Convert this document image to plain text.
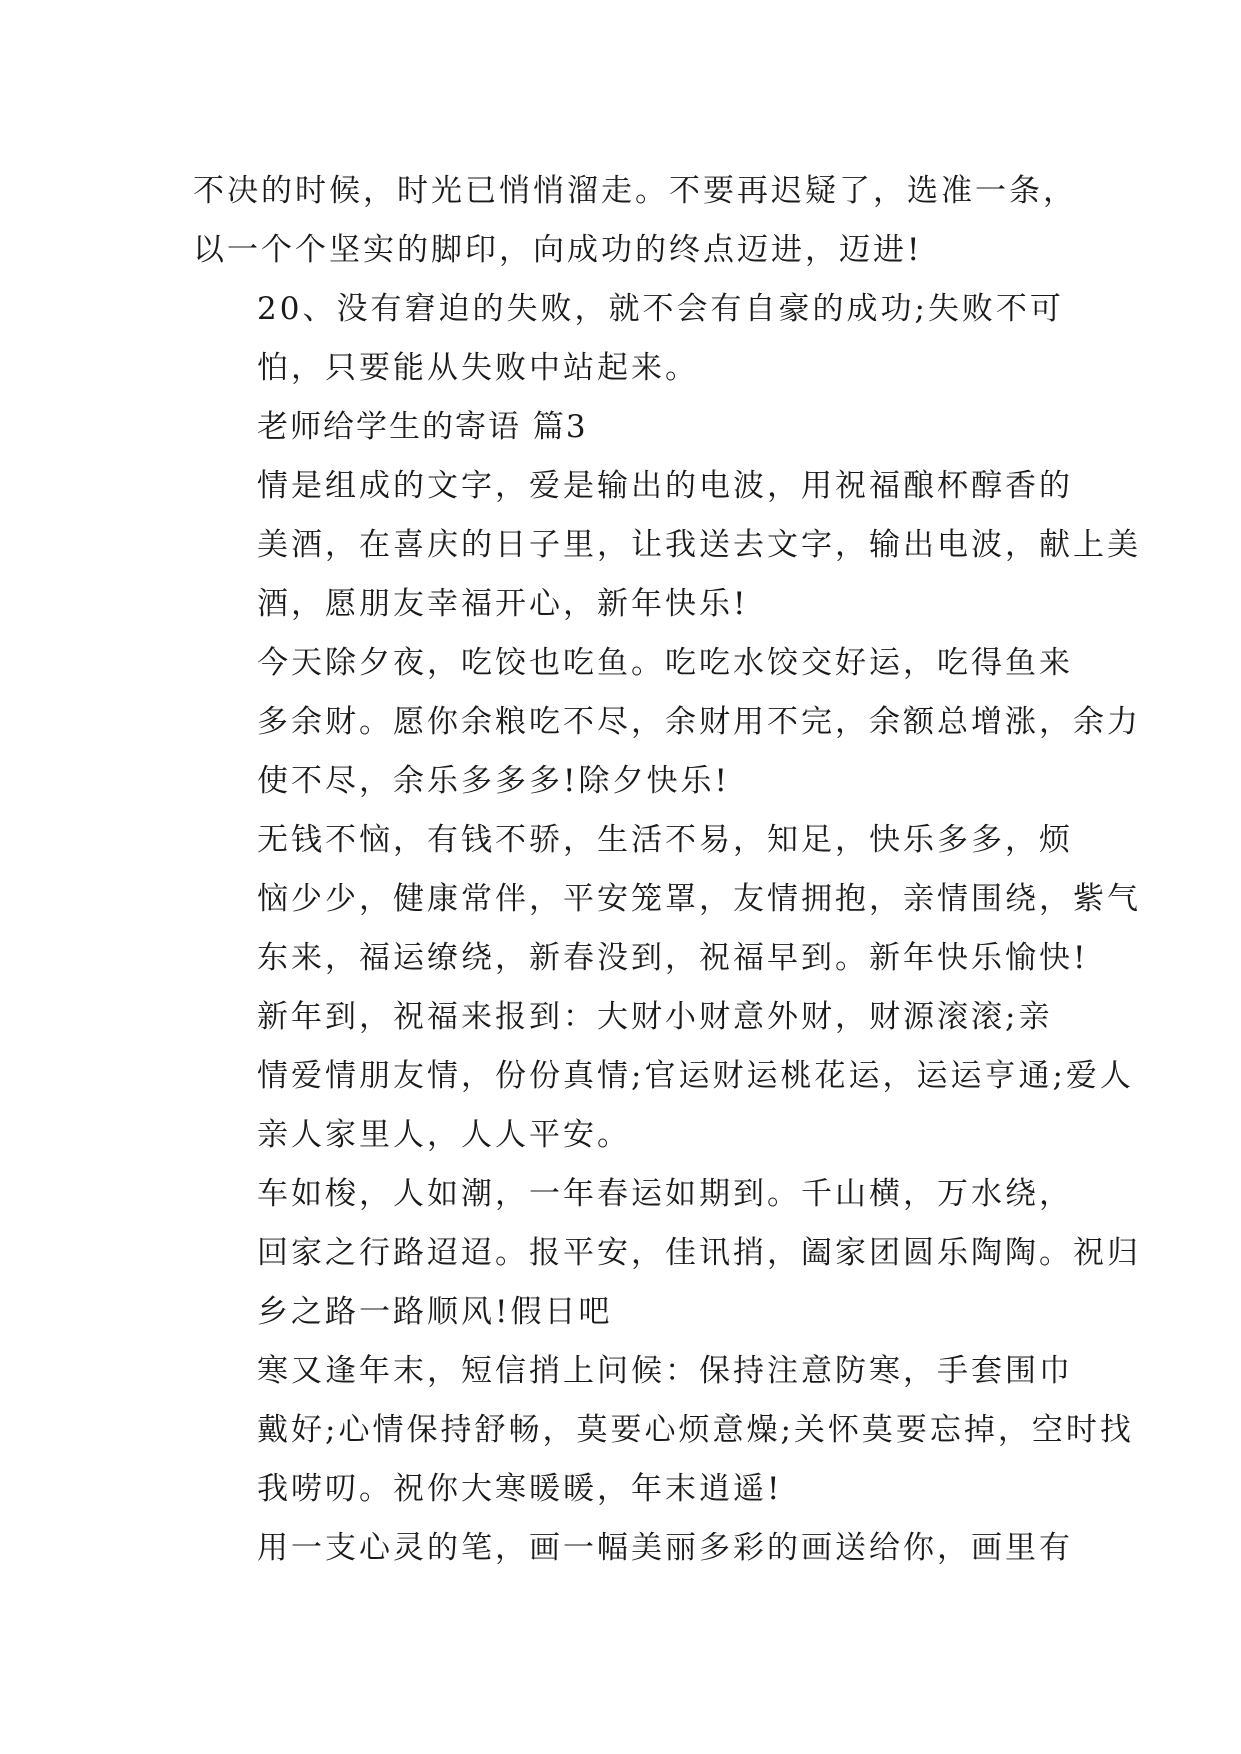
不决的时候，时光已悄悄溜走。不要再迟疑了，选准一条，
以一个个坚实的脚印，向成功的终点迈进，迈进!

20、没有窘迫的失败，就不会有自豪的成功;失败不可
怕，只要能从失败中站起来。

老师给学生的寄语 篇3

情是组成的文字，爱是输出的电波，用祝福酿杯醇香的
美酒，在喜庆的日子里，让我送去文字，输出电波，献上美
酒，愿朋友幸福开心，新年快乐!

今天除夕夜，吃饺也吃鱼。吃吃水饺交好运，吃得鱼来
多余财。愿你余粮吃不尽，余财用不完，余额总增涨，余力
使不尽，余乐多多多!除夕快乐!

无钱不恼，有钱不骄，生活不易，知足，快乐多多，烦
恼少少，健康常伴，平安笼罩，友情拥抱，亲情围绕，紫气
东来，福运缭绕，新春没到，祝福早到。新年快乐愉快!

新年到，祝福来报到：大财小财意外财，财源滚滚;亲
情爱情朋友情，份份真情;官运财运桃花运，运运亨通;爱人
亲人家里人，人人平安。

车如梭，人如潮，一年春运如期到。千山横，万水绕，
回家之行路迢迢。报平安，佳讯捎，阖家团圆乐陶陶。祝归
乡之路一路顺风!假日吧

寒又逢年末，短信捎上问候：保持注意防寒，手套围巾
戴好;心情保持舒畅，莫要心烦意燥;关怀莫要忘掉，空时找
我唠叨。祝你大寒暖暖，年末逍遥!

用一支心灵的笔，画一幅美丽多彩的画送给你，画里有
